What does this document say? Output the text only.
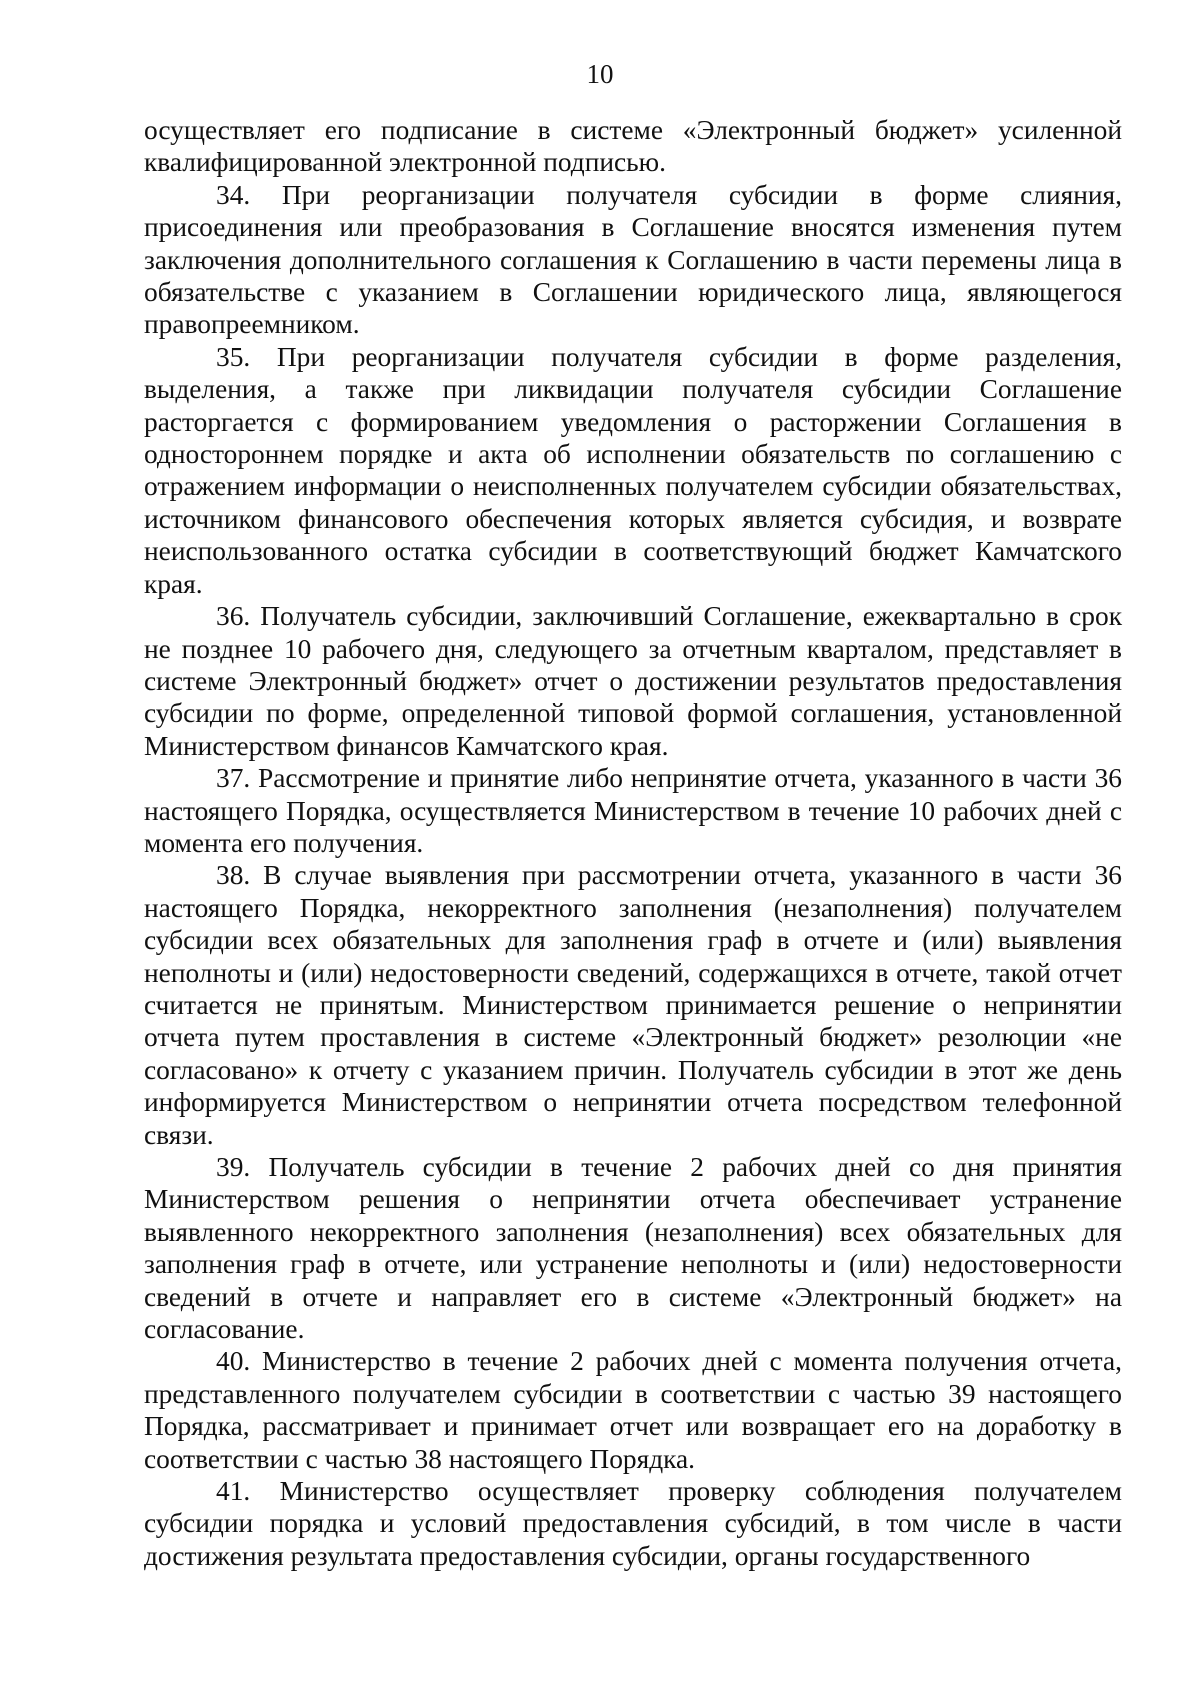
10

осуществляет его подписание в системе «Электронный бюджет» усиленной квалифицированной электронной подписью.

34. При реорганизации получателя субсидии в форме слияния, присоединения или преобразования в Соглашение вносятся изменения путем заключения дополнительного соглашения к Соглашению в части перемены лица в обязательстве с указанием в Соглашении юридического лица, являющегося правопреемником.

35. При реорганизации получателя субсидии в форме разделения, выделения, а также при ликвидации получателя субсидии Соглашение расторгается с формированием уведомления о расторжении Соглашения в одностороннем порядке и акта об исполнении обязательств по соглашению с отражением информации о неисполненных получателем субсидии обязательствах, источником финансового обеспечения которых является субсидия, и возврате неиспользованного остатка субсидии в соответствующий бюджет Камчатского края.

36. Получатель субсидии, заключивший Соглашение, ежеквартально в срок не позднее 10 рабочего дня, следующего за отчетным кварталом, представляет в системе Электронный бюджет» отчет о достижении результатов предоставления субсидии по форме, определенной типовой формой соглашения, установленной Министерством финансов Камчатского края.

37. Рассмотрение и принятие либо непринятие отчета, указанного в части 36 настоящего Порядка, осуществляется Министерством в течение 10 рабочих дней с момента его получения.

38. В случае выявления при рассмотрении отчета, указанного в части 36 настоящего Порядка, некорректного заполнения (незаполнения) получателем субсидии всех обязательных для заполнения граф в отчете и (или) выявления неполноты и (или) недостоверности сведений, содержащихся в отчете, такой отчет считается не принятым. Министерством принимается решение о непринятии отчета путем проставления в системе «Электронный бюджет» резолюции «не согласовано» к отчету с указанием причин. Получатель субсидии в этот же день информируется Министерством о непринятии отчета посредством телефонной связи.

39. Получатель субсидии в течение 2 рабочих дней со дня принятия Министерством решения о непринятии отчета обеспечивает устранение выявленного некорректного заполнения (незаполнения) всех обязательных для заполнения граф в отчете, или устранение неполноты и (или) недостоверности сведений в отчете и направляет его в системе «Электронный бюджет» на согласование.

40. Министерство в течение 2 рабочих дней с момента получения отчета, представленного получателем субсидии в соответствии с частью 39 настоящего Порядка, рассматривает и принимает отчет или возвращает его на доработку в соответствии с частью 38 настоящего Порядка.

41. Министерство осуществляет проверку соблюдения получателем субсидии порядка и условий предоставления субсидий, в том числе в части достижения результата предоставления субсидии, органы государственного
